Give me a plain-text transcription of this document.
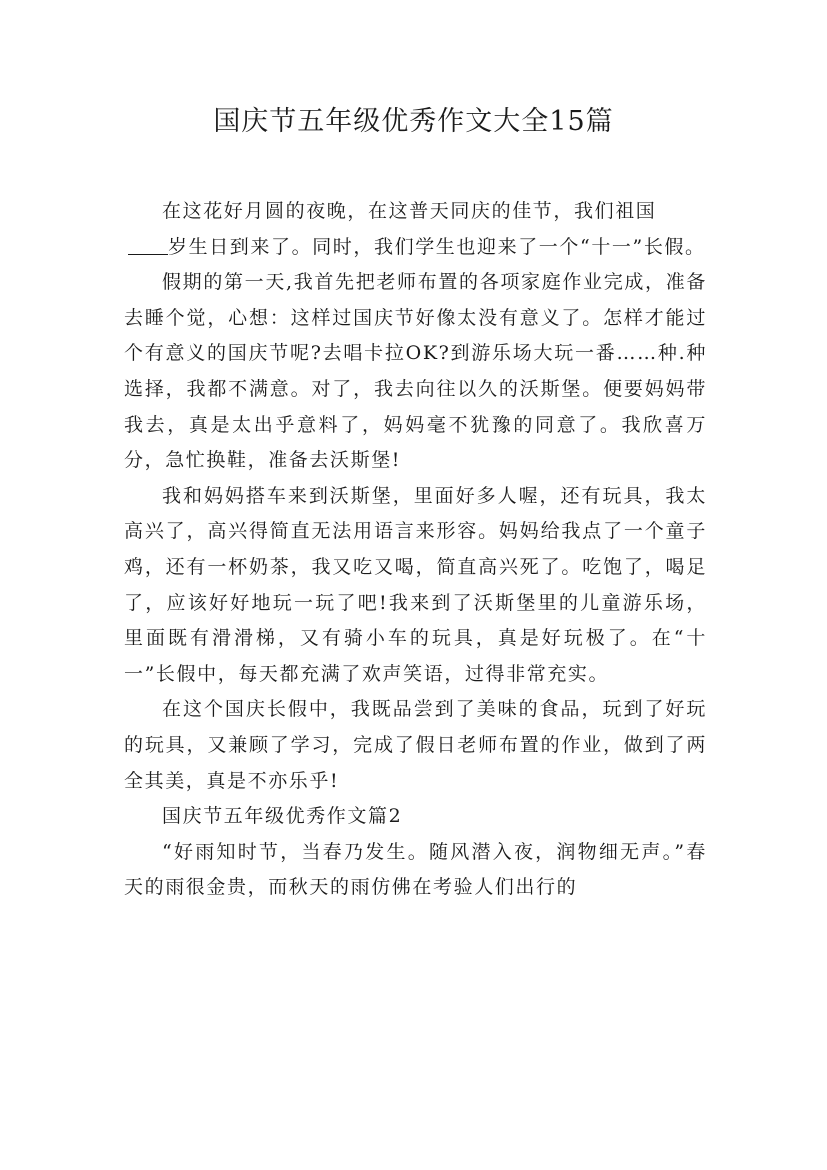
国庆节五年级优秀作文大全15篇

在这花好月圆的夜晚，在这普天同庆的佳节，我们祖国
岁生日到来了。同时，我们学生也迎来了一个“十一”长假。

假期的第一天,我首先把老师布置的各项家庭作业完成，准备去睡个觉，心想：这样过国庆节好像太没有意义了。怎样才能过个有意义的国庆节呢?去唱卡拉OK?到游乐场大玩一番……种.种选择，我都不满意。对了，我去向往以久的沃斯堡。便要妈妈带我去，真是太出乎意料了，妈妈毫不犹豫的同意了。我欣喜万分，急忙换鞋，准备去沃斯堡!

我和妈妈搭车来到沃斯堡，里面好多人喔，还有玩具，我太高兴了，高兴得简直无法用语言来形容。妈妈给我点了一个童子鸡，还有一杯奶茶，我又吃又喝，简直高兴死了。吃饱了，喝足了，应该好好地玩一玩了吧!我来到了沃斯堡里的儿童游乐场，里面既有滑滑梯，又有骑小车的玩具，真是好玩极了。在“十一”长假中，每天都充满了欢声笑语，过得非常充实。

在这个国庆长假中，我既品尝到了美味的食品，玩到了好玩的玩具，又兼顾了学习，完成了假日老师布置的作业，做到了两全其美，真是不亦乐乎!

国庆节五年级优秀作文篇2

“好雨知时节，当春乃发生。随风潜入夜，润物细无声。”春天的雨很金贵，而秋天的雨仿佛在考验人们出行的
